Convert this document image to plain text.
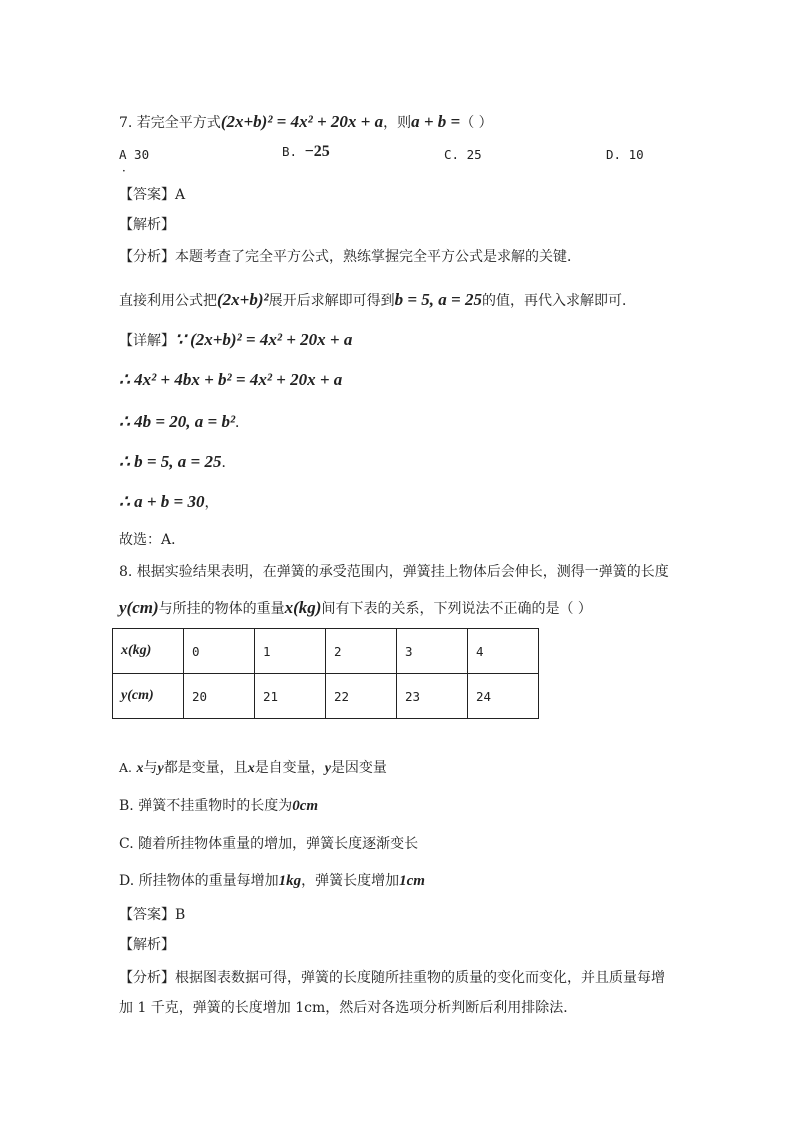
7. 若完全平方式(2x+b)² = 4x² + 20x + a，则a + b =（ ）
A 30	B. −25	C. 25	D. 10
．
【答案】A
【解析】
【分析】本题考查了完全平方公式，熟练掌握完全平方公式是求解的关键．
直接利用公式把(2x+b)²展开后求解即可得到b = 5, a = 25的值，再代入求解即可．
【详解】∵ (2x+b)² = 4x² + 20x + a
∴ 4x² + 4bx + b² = 4x² + 20x + a
∴ 4b = 20, a = b²．
∴ b = 5, a = 25．
∴ a + b = 30，
故选：A．
8. 根据实验结果表明，在弹簧的承受范围内，弹簧挂上物体后会伸长，测得一弹簧的长度
y(cm)与所挂的物体的重量x(kg)间有下表的关系，下列说法不正确的是（ ）
x(kg)	0	1	2	3	4
y(cm)	20	21	22	23	24
A. x与y都是变量，且x是自变量，y是因变量
B. 弹簧不挂重物时的长度为0cm
C. 随着所挂物体重量的增加，弹簧长度逐渐变长
D. 所挂物体的重量每增加1kg，弹簧长度增加1cm
【答案】B
【解析】
【分析】根据图表数据可得，弹簧的长度随所挂重物的质量的变化而变化，并且质量每增
加 1 千克，弹簧的长度增加 1cm，然后对各选项分析判断后利用排除法．
